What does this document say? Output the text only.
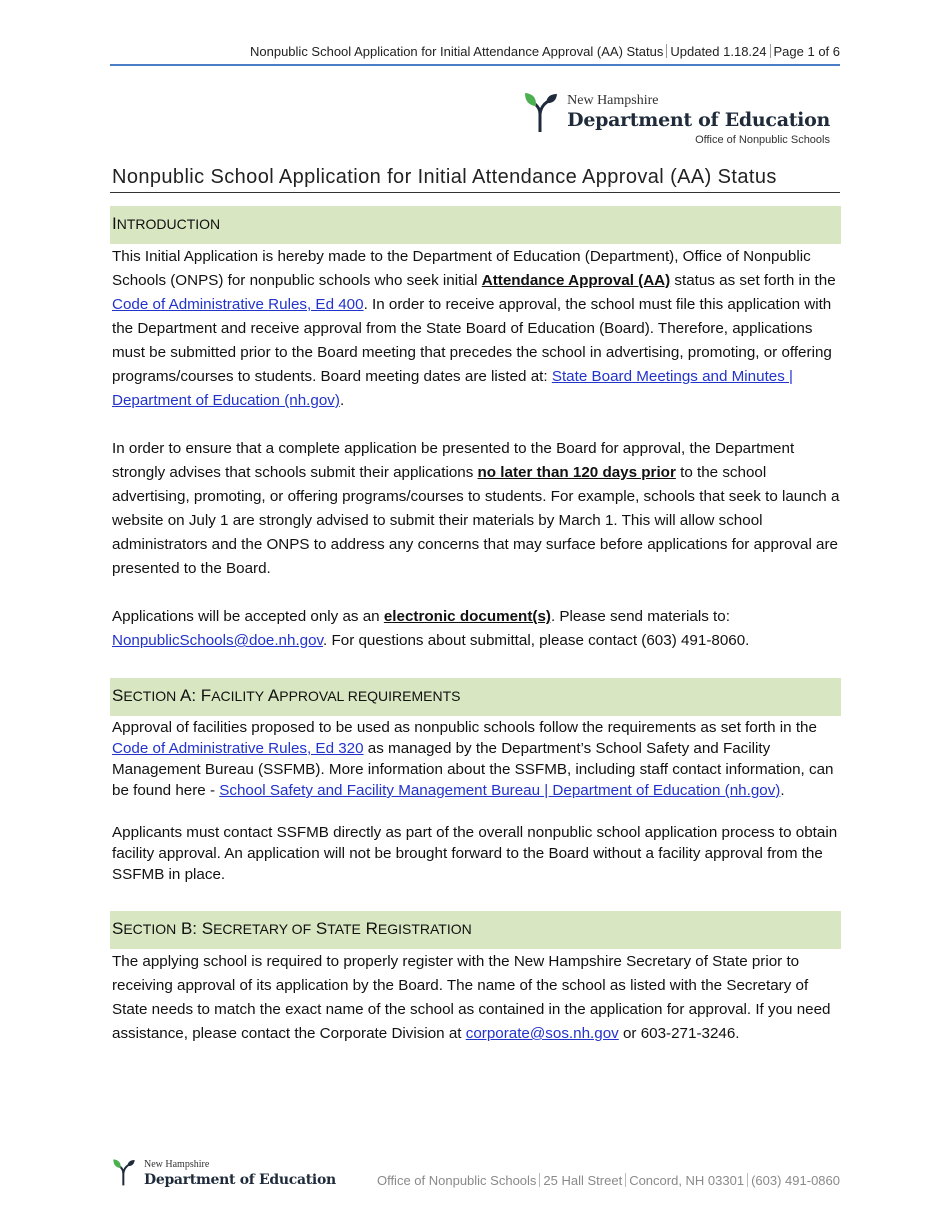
Nonpublic School Application for Initial Attendance Approval (AA) Status Updated 1.18.24 Page 1 of 6
New Hampshire
Department of Education
Office of Nonpublic Schools
Nonpublic School Application for Initial Attendance Approval (AA) Status
INTRODUCTION
This Initial Application is hereby made to the Department of Education (Department), Office of Nonpublic Schools (ONPS) for nonpublic schools who seek initial Attendance Approval (AA) status as set forth in the Code of Administrative Rules, Ed 400. In order to receive approval, the school must file this application with the Department and receive approval from the State Board of Education (Board). Therefore, applications must be submitted prior to the Board meeting that precedes the school in advertising, promoting, or offering programs/courses to students. Board meeting dates are listed at: State Board Meetings and Minutes | Department of Education (nh.gov).
In order to ensure that a complete application be presented to the Board for approval, the Department strongly advises that schools submit their applications no later than 120 days prior to the school advertising, promoting, or offering programs/courses to students. For example, schools that seek to launch a website on July 1 are strongly advised to submit their materials by March 1. This will allow school administrators and the ONPS to address any concerns that may surface before applications for approval are presented to the Board.
Applications will be accepted only as an electronic document(s). Please send materials to: NonpublicSchools@doe.nh.gov. For questions about submittal, please contact (603) 491-8060.
SECTION A: FACILITY APPROVAL REQUIREMENTS
Approval of facilities proposed to be used as nonpublic schools follow the requirements as set forth in the Code of Administrative Rules, Ed 320 as managed by the Department’s School Safety and Facility Management Bureau (SSFMB). More information about the SSFMB, including staff contact information, can be found here - School Safety and Facility Management Bureau | Department of Education (nh.gov).
Applicants must contact SSFMB directly as part of the overall nonpublic school application process to obtain facility approval. An application will not be brought forward to the Board without a facility approval from the SSFMB in place.
SECTION B: SECRETARY OF STATE REGISTRATION
The applying school is required to properly register with the New Hampshire Secretary of State prior to receiving approval of its application by the Board. The name of the school as listed with the Secretary of State needs to match the exact name of the school as contained in the application for approval. If you need assistance, please contact the Corporate Division at corporate@sos.nh.gov or 603-271-3246.
New Hampshire
Department of Education	Office of Nonpublic Schools 25 Hall Street Concord, NH 03301 (603) 491-0860
